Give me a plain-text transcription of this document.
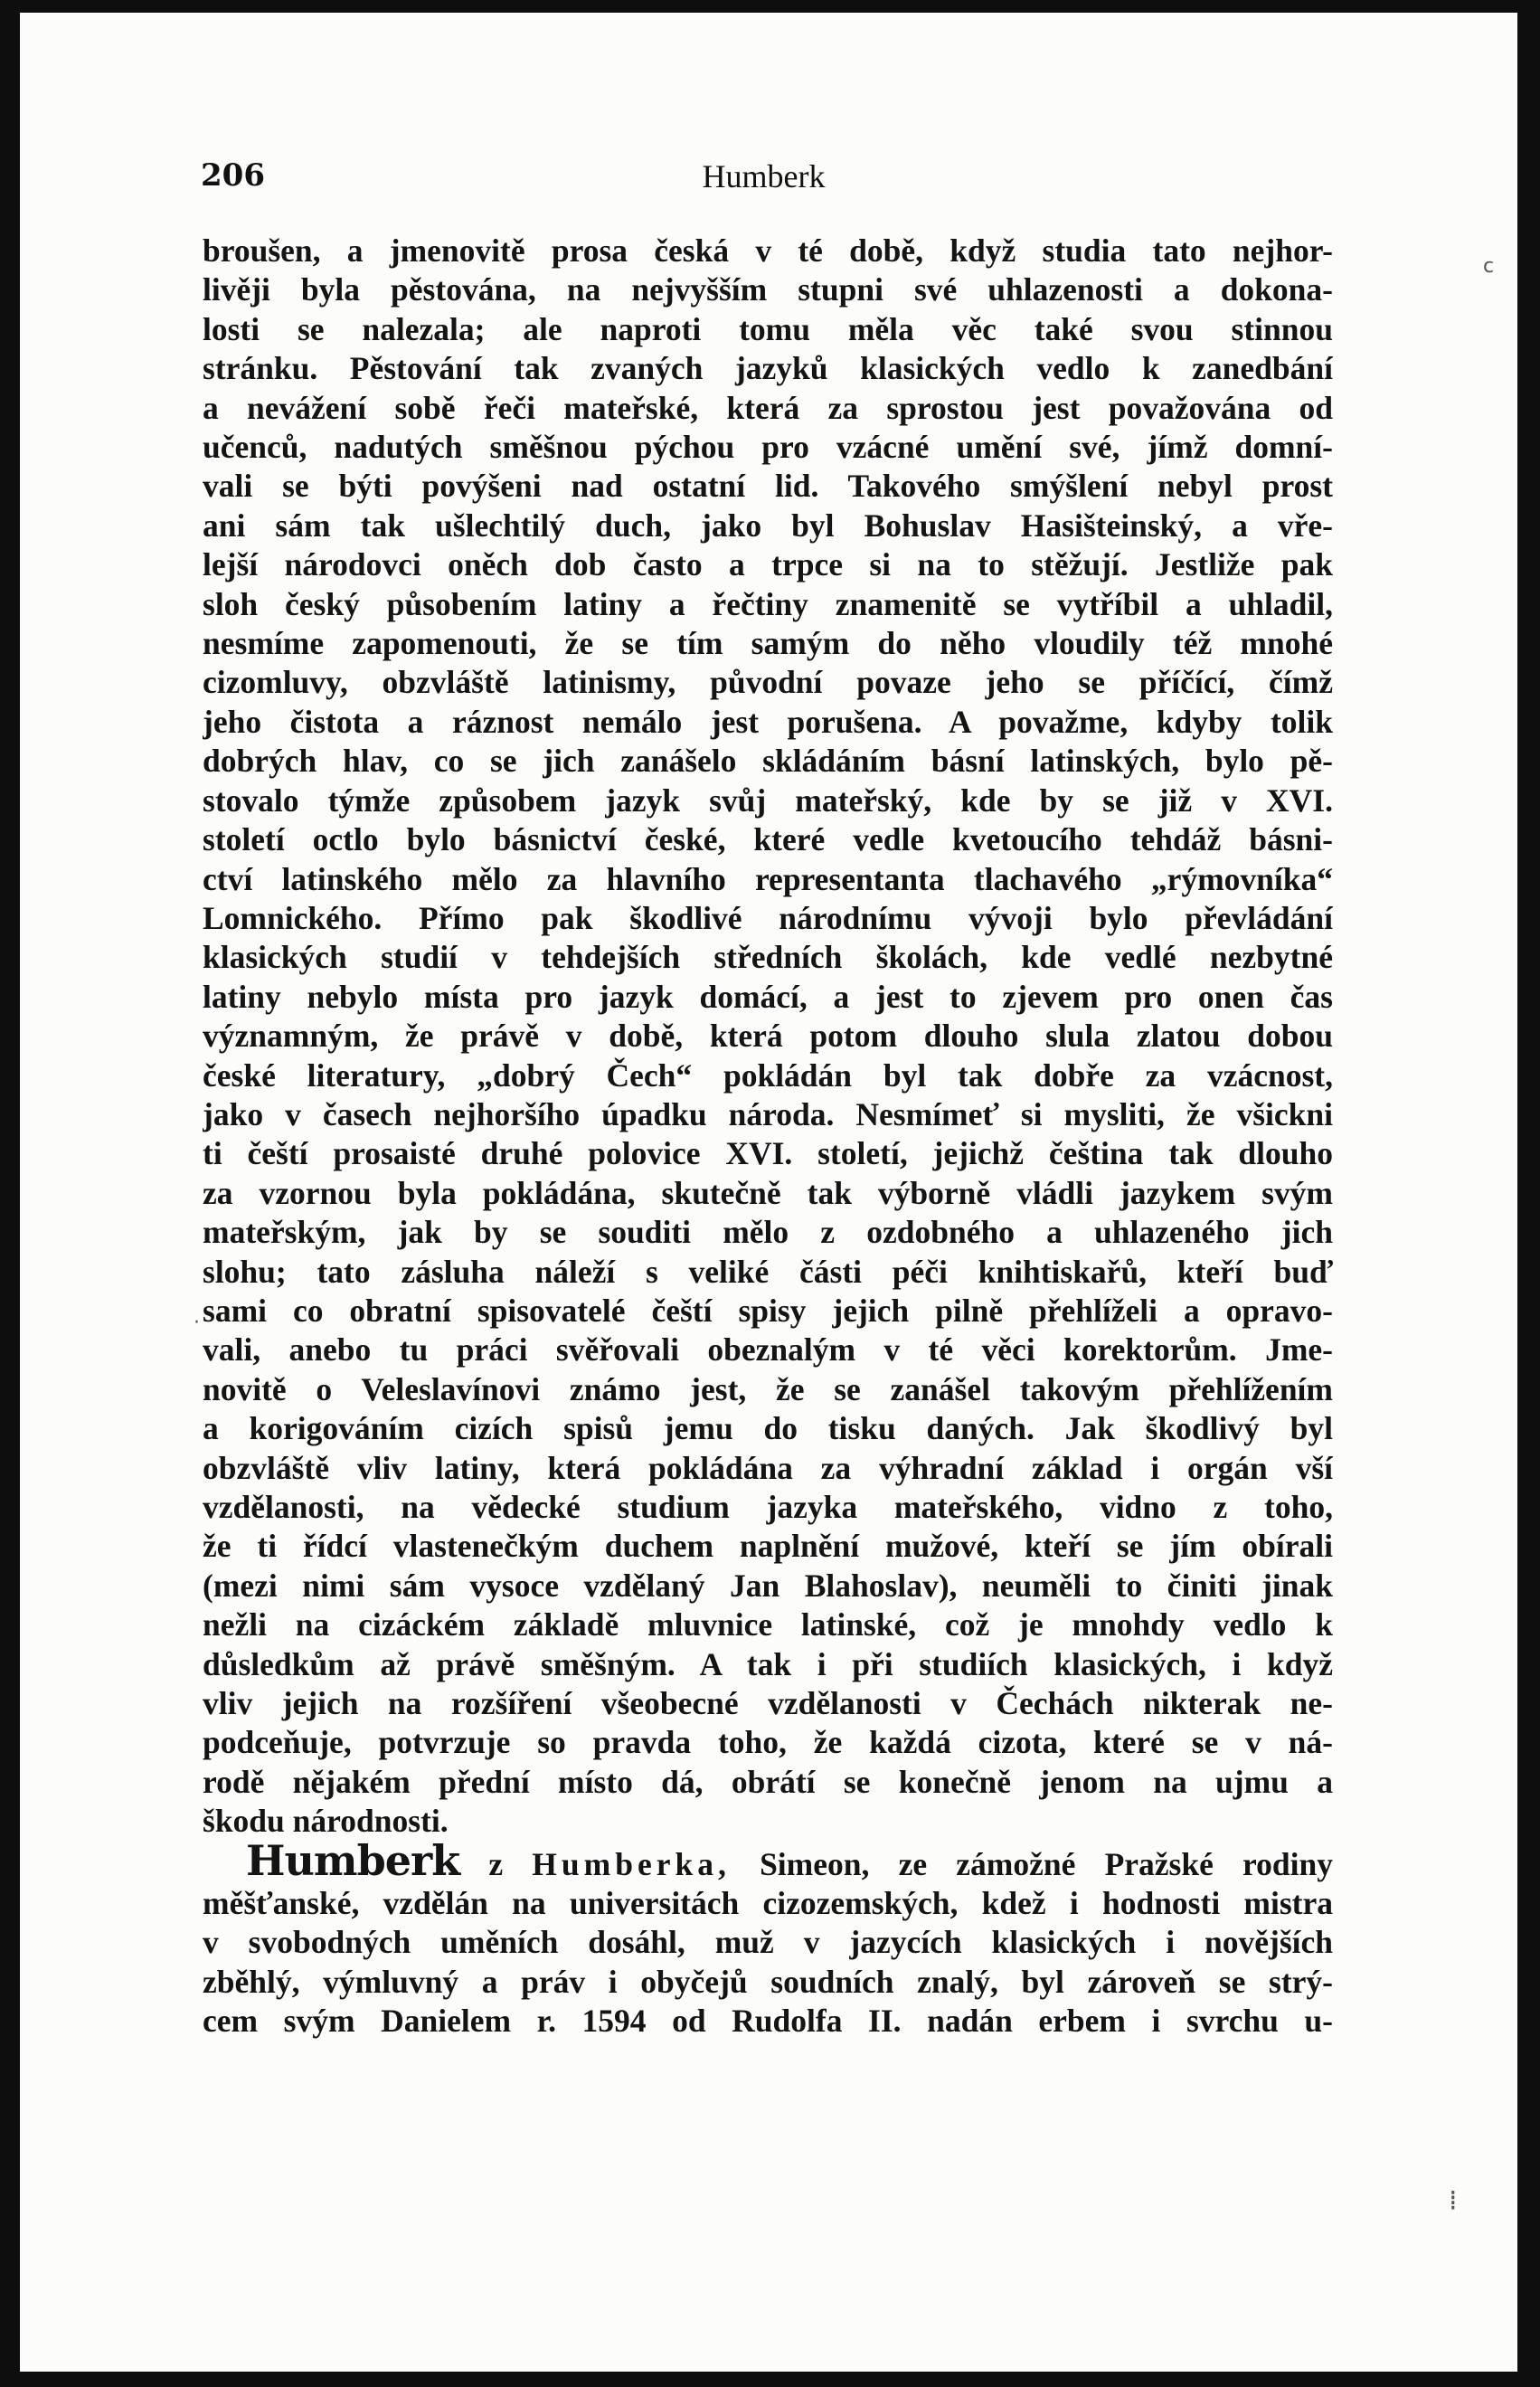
c
·
⁞
206	Humberk
broušen, a jmenovitě prosa česká v té době, když studia tato nejhor-
livěji byla pěstována, na nejvyšším stupni své uhlazenosti a dokona-
losti se nalezala; ale naproti tomu měla věc také svou stinnou
stránku. Pěstování tak zvaných jazyků klasických vedlo k zanedbání
a nevážení sobě řeči mateřské, která za sprostou jest považována od
učenců, nadutých směšnou pýchou pro vzácné umění své, jímž domní-
vali se býti povýšeni nad ostatní lid. Takového smýšlení nebyl prost
ani sám tak ušlechtilý duch, jako byl Bohuslav Hasišteinský, a vře-
lejší národovci oněch dob často a trpce si na to stěžují. Jestliže pak
sloh český působením latiny a řečtiny znamenitě se vytříbil a uhladil,
nesmíme zapomenouti, že se tím samým do něho vloudily též mnohé
cizomluvy, obzvláště latinismy, původní povaze jeho se příčící, čímž
jeho čistota a ráznost nemálo jest porušena. A považme, kdyby tolik
dobrých hlav, co se jich zanášelo skládáním básní latinských, bylo pě-
stovalo týmže způsobem jazyk svůj mateřský, kde by se již v XVI.
století octlo bylo básnictví české, které vedle kvetoucího tehdáž básni-
ctví latinského mělo za hlavního representanta tlachavého „rýmovníka“
Lomnického. Přímo pak škodlivé národnímu vývoji bylo převládání
klasických studií v tehdejších středních školách, kde vedlé nezbytné
latiny nebylo místa pro jazyk domácí, a jest to zjevem pro onen čas
významným, že právě v době, která potom dlouho slula zlatou dobou
české literatury, „dobrý Čech“ pokládán byl tak dobře za vzácnost,
jako v časech nejhoršího úpadku národa. Nesmímeť si mysliti, že všickni
ti čeští prosaisté druhé polovice XVI. století, jejichž čeština tak dlouho
za vzornou byla pokládána, skutečně tak výborně vládli jazykem svým
mateřským, jak by se souditi mělo z ozdobného a uhlazeného jich
slohu; tato zásluha náleží s veliké části péči knihtiskařů, kteří buď
sami co obratní spisovatelé čeští spisy jejich pilně přehlíželi a opravo-
vali, anebo tu práci svěřovali obeznalým v té věci korektorům. Jme-
novitě o Veleslavínovi známo jest, že se zanášel takovým přehlížením
a korigováním cizích spisů jemu do tisku daných. Jak škodlivý byl
obzvláště vliv latiny, která pokládána za výhradní základ i orgán vší
vzdělanosti, na vědecké studium jazyka mateřského, vidno z toho,
že ti řídcí vlastenečkým duchem naplnění mužové, kteří se jím obírali
(mezi nimi sám vysoce vzdělaný Jan Blahoslav), neuměli to činiti jinak
nežli na cizáckém základě mluvnice latinské, což je mnohdy vedlo k
důsledkům až právě směšným. A tak i při studiích klasických, i když
vliv jejich na rozšíření všeobecné vzdělanosti v Čechách nikterak ne-
podceňuje, potvrzuje so pravda toho, že každá cizota, které se v ná-
rodě nějakém přední místo dá, obrátí se konečně jenom na ujmu a
škodu národnosti.
Humberk z Humberka, Simeon, ze zámožné Pražské rodiny
měšťanské, vzdělán na universitách cizozemských, kdež i hodnosti mistra
v svobodných uměních dosáhl, muž v jazycích klasických i novějších
zběhlý, výmluvný a práv i obyčejů soudních znalý, byl zároveň se strý-
cem svým Danielem r. 1594 od Rudolfa II. nadán erbem i svrchu u-
